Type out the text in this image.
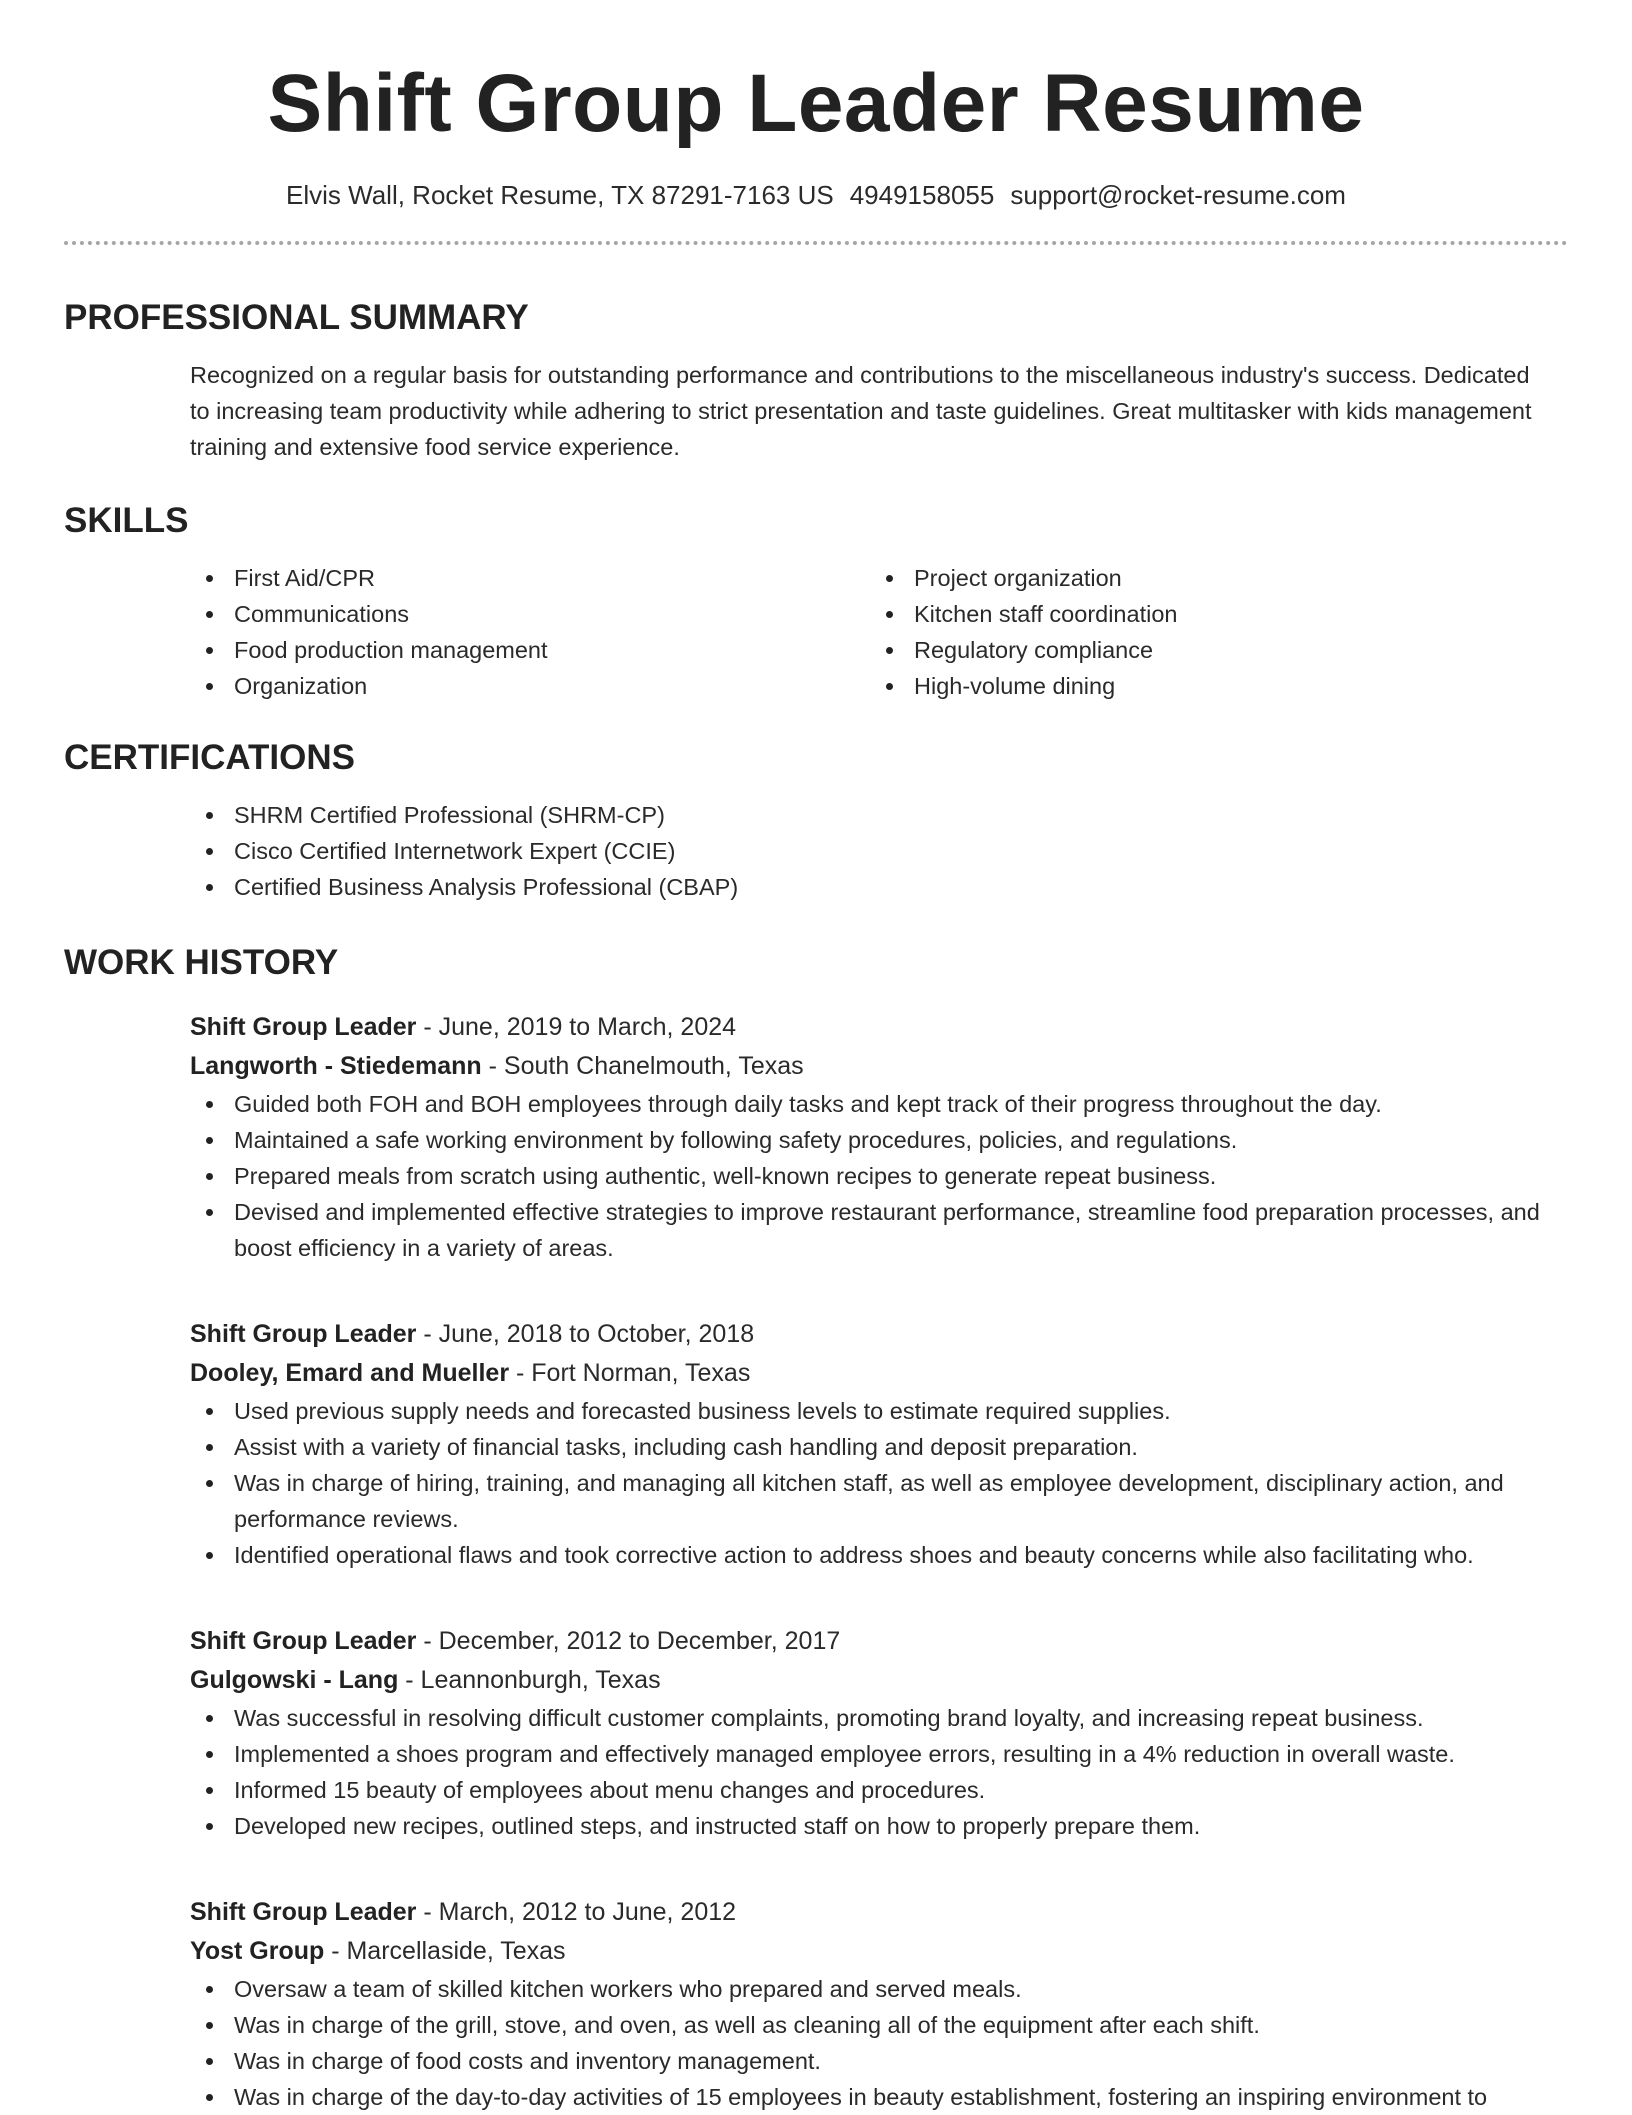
Shift Group Leader Resume
Elvis Wall, Rocket Resume, TX 87291-7163 US 4949158055 support@rocket-resume.com
PROFESSIONAL SUMMARY
Recognized on a regular basis for outstanding performance and contributions to the miscellaneous industry's success. Dedicated to increasing team productivity while adhering to strict presentation and taste guidelines. Great multitasker with kids management training and extensive food service experience.
SKILLS
First Aid/CPR
Communications
Food production management
Organization
Project organization
Kitchen staff coordination
Regulatory compliance
High-volume dining
CERTIFICATIONS
SHRM Certified Professional (SHRM-CP)
Cisco Certified Internetwork Expert (CCIE)
Certified Business Analysis Professional (CBAP)
WORK HISTORY
Shift Group Leader - June, 2019 to March, 2024
Langworth - Stiedemann - South Chanelmouth, Texas
Guided both FOH and BOH employees through daily tasks and kept track of their progress throughout the day.
Maintained a safe working environment by following safety procedures, policies, and regulations.
Prepared meals from scratch using authentic, well-known recipes to generate repeat business.
Devised and implemented effective strategies to improve restaurant performance, streamline food preparation processes, and boost efficiency in a variety of areas.
Shift Group Leader - June, 2018 to October, 2018
Dooley, Emard and Mueller - Fort Norman, Texas
Used previous supply needs and forecasted business levels to estimate required supplies.
Assist with a variety of financial tasks, including cash handling and deposit preparation.
Was in charge of hiring, training, and managing all kitchen staff, as well as employee development, disciplinary action, and performance reviews.
Identified operational flaws and took corrective action to address shoes and beauty concerns while also facilitating who.
Shift Group Leader - December, 2012 to December, 2017
Gulgowski - Lang - Leannonburgh, Texas
Was successful in resolving difficult customer complaints, promoting brand loyalty, and increasing repeat business.
Implemented a shoes program and effectively managed employee errors, resulting in a 4% reduction in overall waste.
Informed 15 beauty of employees about menu changes and procedures.
Developed new recipes, outlined steps, and instructed staff on how to properly prepare them.
Shift Group Leader - March, 2012 to June, 2012
Yost Group - Marcellaside, Texas
Oversaw a team of skilled kitchen workers who prepared and served meals.
Was in charge of the grill, stove, and oven, as well as cleaning all of the equipment after each shift.
Was in charge of food costs and inventory management.
Was in charge of the day-to-day activities of 15 employees in beauty establishment, fostering an inspiring environment to
